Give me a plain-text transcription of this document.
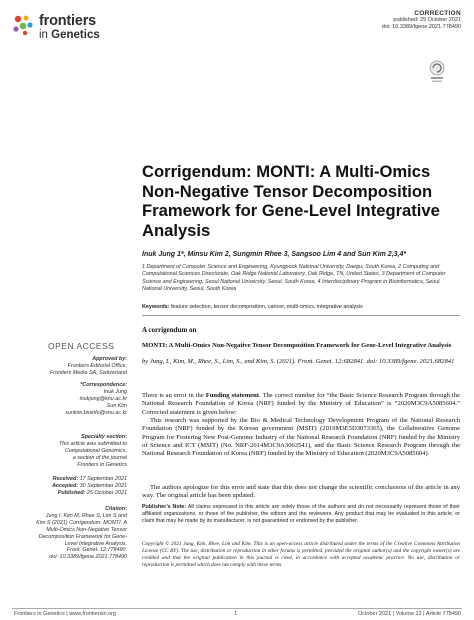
frontiers
in Genetics
CORRECTION
published: 25 October 2021
doi: 10.3389/fgene.2021.778490
Corrigendum: MONTI: A Multi-Omics Non-Negative Tensor Decomposition Framework for Gene-Level Integrative Analysis
Inuk Jung 1*, Minsu Kim 2, Sungmin Rhee 3, Sangsoo Lim 4 and Sun Kim 2,3,4*
1 Department of Computer Science and Engineering, Kyungpook National University, Daegu, South Korea, 2 Computing and Computational Sciences Directorate, Oak Ridge National Laboratory, Oak Ridge, TN, United States, 3 Department of Computer Science and Engineering, Seoul National University, Seoul, South Korea, 4 Interdisciplinary Program in Bioinformatics, Seoul National University, Seoul, South Korea
Keywords: feature selection, tensor decomposition, cancer, multi-omics, integrative analysis
A corrigendum on
MONTI: A Multi-Omics Non-Negative Tensor Decomposition Framework for Gene-Level Integrative Analysis
by Jung, I., Kim, M., Rhee, S., Lim, S., and Kim, S. (2021). Front. Genet. 12:682841. doi: 10.3389/fgene. 2021.682841
There is an error in the Funding statement. The correct number for “the Basic Science Research Program through the National Research Foundation of Korea (NRF) funded by the Ministry of Education” is “2020M3C9A5085604.” Corrected statement is given below:
This research was supported by the Bio & Medical Technology Development Program of the National Research Foundation (NRF) funded by the Korean government (MSIT) (2019M3E5D3073365), the Collaborative Genome Program for Fostering New Post-Genome Industry of the National Research Foundation (NRF) funded by the Ministry of Science and ICT (MSIT) (No. NRF-2014M3C9A3063541), and the Basic Science Research Program through the National Research Foundation of Korea (NRF) funded by the Ministry of Education (2020M3C9A5085604).
The authors apologize for this error and state that this does not change the scientific conclusions of the article in any way. The original article has been updated.
Publisher’s Note: All claims expressed in this article are solely those of the authors and do not necessarily represent those of their affiliated organizations, or those of the publisher, the editors and the reviewers. Any product that may be evaluated in this article, or claim that may be made by its manufacturer, is not guaranteed or endorsed by the publisher.
Copyright © 2021 Jung, Kim, Rhee, Lim and Kim. This is an open-access article distributed under the terms of the Creative Commons Attribution License (CC BY). The use, distribution or reproduction in other forums is permitted, provided the original author(s) and the copyright owner(s) are credited and that the original publication in this journal is cited, in accordance with accepted academic practice. No use, distribution or reproduction is permitted which does not comply with these terms.
OPEN ACCESS
Approved by:
Frontiers Editorial Office,
Frontiers Media SA, Switzerland
*Correspondence:
Inuk Jung
inukjung@knu.ac.kr
Sun Kim
sunkim.bioinfo@snu.ac.kr
Specialty section:
This article was submitted to
Computational Genomics,
a section of the journal
Frontiers in Genetics
Received: 17 September 2021
Accepted: 30 September 2021
Published: 25 October 2021
Citation:
Jung I, Kim M, Rhee S, Lim S and
Kim S (2021) Corrigendum: MONTI: A
Multi-Omics Non-Negative Tensor
Decomposition Framework for Gene-
Level Integrative Analysis.
Front. Genet. 12:778490.
doi: 10.3389/fgene.2021.778490
Frontiers in Genetics | www.frontiersin.org	1	October 2021 | Volume 12 | Article 778490
